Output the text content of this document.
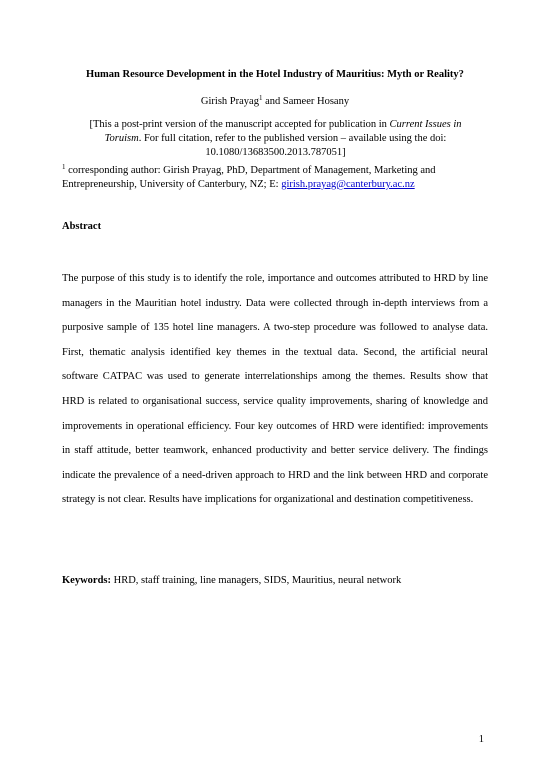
Human Resource Development in the Hotel Industry of Mauritius: Myth or Reality?
Girish Prayag$^1$ and Sameer Hosany
[This a post-print version of the manuscript accepted for publication in Current Issues in Toruism. For full citation, refer to the published version – available using the doi: 10.1080/13683500.2013.787051]
$^1$ corresponding author: Girish Prayag, PhD, Department of Management, Marketing and Entrepreneurship, University of Canterbury, NZ; E: girish.prayag@canterbury.ac.nz
Abstract
The purpose of this study is to identify the role, importance and outcomes attributed to HRD by line managers in the Mauritian hotel industry. Data were collected through in-depth interviews from a purposive sample of 135 hotel line managers. A two-step procedure was followed to analyse data. First, thematic analysis identified key themes in the textual data. Second, the artificial neural software CATPAC was used to generate interrelationships among the themes. Results show that HRD is related to organisational success, service quality improvements, sharing of knowledge and improvements in operational efficiency. Four key outcomes of HRD were identified: improvements in staff attitude, better teamwork, enhanced productivity and better service delivery. The findings indicate the prevalence of a need-driven approach to HRD and the link between HRD and corporate strategy is not clear. Results have implications for organizational and destination competitiveness.
Keywords: HRD, staff training, line managers, SIDS, Mauritius, neural network
1
